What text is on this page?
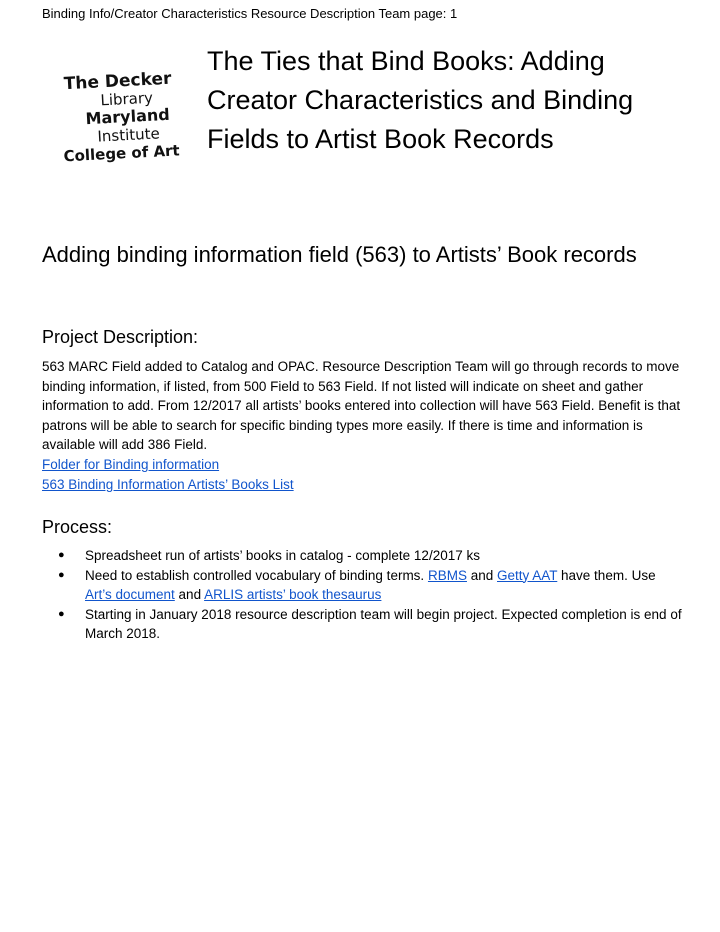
Binding Info/Creator Characteristics Resource Description Team page: 1
The Decker
Library
Maryland
Institute
College of Art
The Ties that Bind Books: Adding Creator Characteristics and Binding Fields to Artist Book Records
Adding binding information field (563) to Artists’ Book records
Project Description:

563 MARC Field added to Catalog and OPAC. Resource Description Team will go through records to move binding information, if listed, from 500 Field to 563 Field. If not listed will indicate on sheet and gather information to add. From 12/2017 all artists’ books entered into collection will have 563 Field. Benefit is that patrons will be able to search for specific binding types more easily. If there is time and information is available will add 386 Field.

Folder for Binding information
563 Binding Information Artists’ Books List
Process:
● Spreadsheet run of artists’ books in catalog - complete 12/2017 ks
● Need to establish controlled vocabulary of binding terms. RBMS and Getty AAT have them. Use Art’s document and ARLIS artists’ book thesaurus
● Starting in January 2018 resource description team will begin project. Expected completion is end of March 2018.
